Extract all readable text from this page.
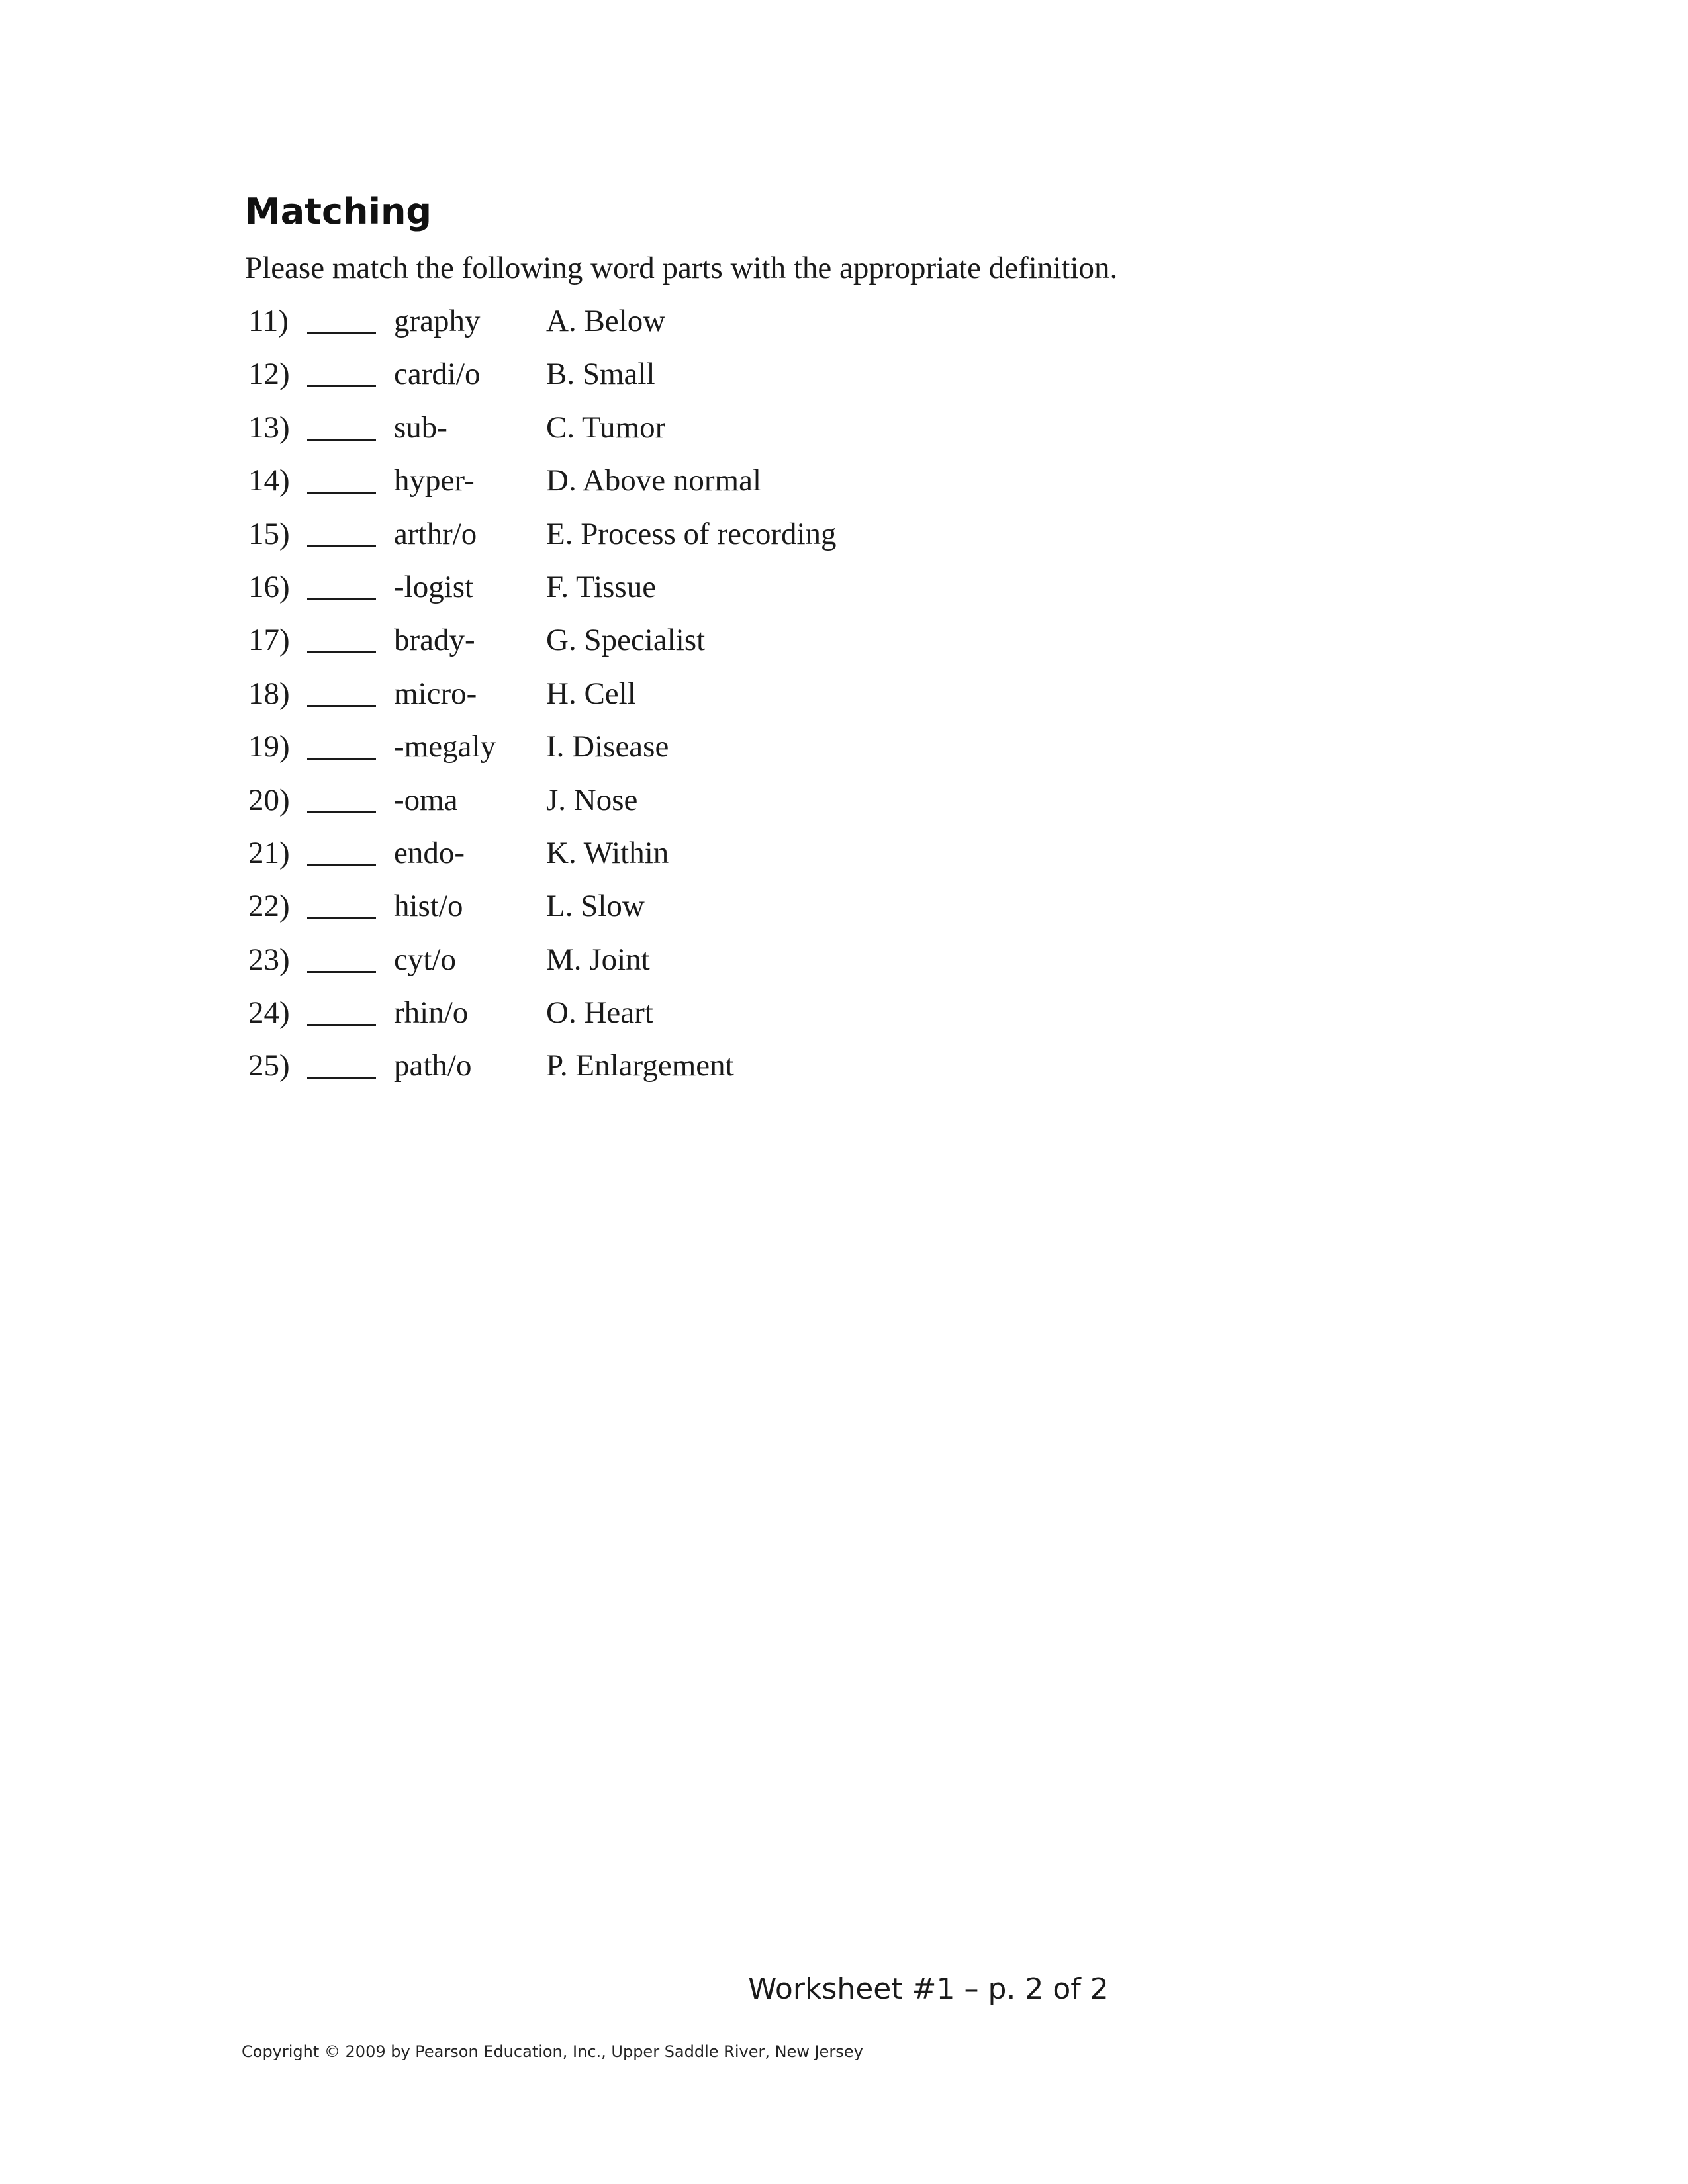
Matching

Please match the following word parts with the appropriate definition.

11)	graphy A. Below
12)	cardi/o B. Small
13)	sub-	C. Tumor
14)	hyper- D. Above normal
15)	arthr/o E. Process of recording
16)	-logist F. Tissue
17)	brady- G. Specialist
18)	micro- H. Cell
19)	-megaly I. Disease
20)	-oma	J. Nose
21)	endo-	K. Within
22)	hist/o	L. Slow
23)	cyt/o	M. Joint
24)	rhin/o	O. Heart
25)	path/o P. Enlargement
Worksheet #1 – p. 2 of 2
Copyright © 2009 by Pearson Education, Inc., Upper Saddle River, New Jersey
